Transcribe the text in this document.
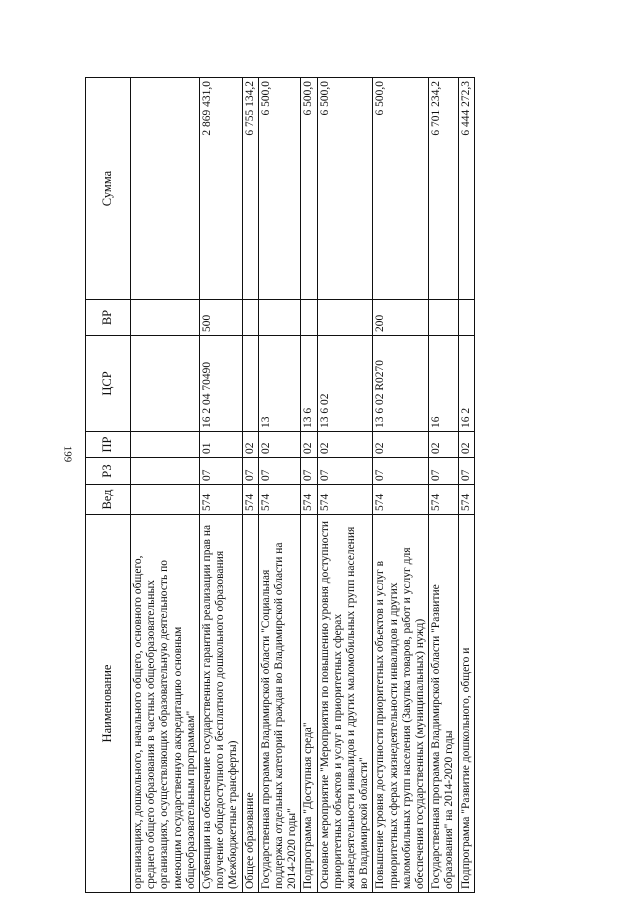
199
Наименование	Вед	РЗ	ПР	ЦСР	ВР	Сумма
организациях, дошкольного, начального общего, основного общего, среднего общего образования в частных общеобразовательных организациях, осуществляющих образовательную деятельность по имеющим государственную аккредитацию основным общеобразовательным программам"						
Субвенции на обеспечение государственных гарантий реализации прав на получение общедоступного и бесплатного дошкольного образования (Межбюджетные трансферты)	574	07	01	16 2 04 70490	500	2 869 431,0
Общее образование	574	07	02			6 755 134,2
Государственная программа Владимирской области "Социальная поддержка отдельных категорий граждан во Владимирской области на 2014-2020 годы"	574	07	02	13		6 500,0
Подпрограмма "Доступная среда"	574	07	02	13 6		6 500,0
Основное мероприятие "Мероприятия по повышению уровня доступности приоритетных объектов и услуг в приоритетных сферах жизнедеятельности инвалидов и других маломобильных групп населения во Владимирской области"	574	07	02	13 6 02		6 500,0
Повышение уровня доступности приоритетных объектов и услуг в приоритетных сферах жизнедеятельности инвалидов и других маломобильных групп населения (Закупка товаров, работ и услуг для обеспечения государственных (муниципальных) нужд)	574	07	02	13 6 02 R0270	200	6 500,0
Государственная программа Владимирской области "Развитие образования" на 2014-2020 годы	574	07	02	16		6 701 234,2
Подпрограмма "Развитие дошкольного, общего и	574	07	02	16 2		6 444 272,3
